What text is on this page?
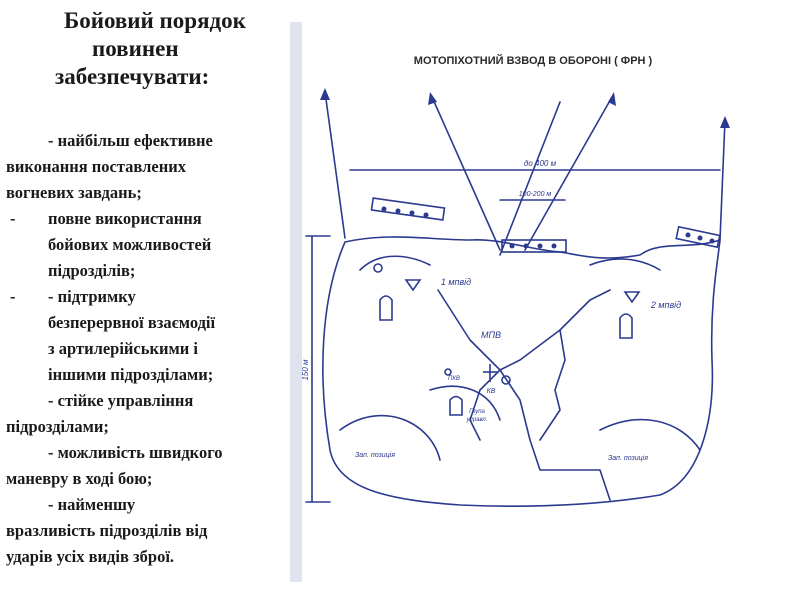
Бойовий порядок
повинен
забезпечувати:
- найбільш ефективне
виконання поставлених
вогневих завдань;
- повне використання
бойових можливостей
підрозділів;
- - підтримку
безперервної взаємодії
з артилерійськими і
іншими підрозділами;
- стійке управління
підрозділами;
- можливість швидкого
маневру в ході бою;
- найменшу
вразливість підрозділів від
ударів усіх видів зброї.
МОТОПІХОТНИЙ ВЗВОД В ОБОРОНІ ( ФРН )
до 400 м
100-200 м
150 м
1 мпвід
2 мпвід
МПВ
ПКВ
КВ
Група
управл.
Зап. позиція	Зап. позиція
